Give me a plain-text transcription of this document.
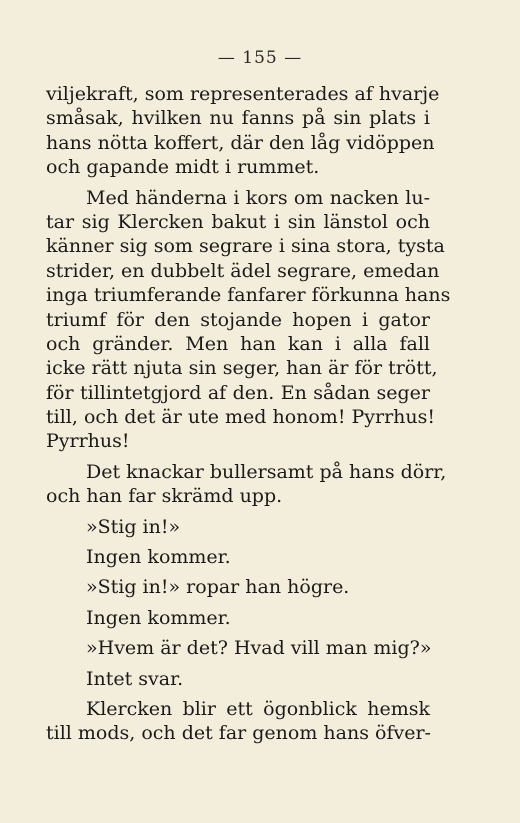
— 155 —
viljekraft, som representerades af hvarje
småsak, hvilken nu fanns på sin plats i
hans nötta koffert, där den låg vidöppen
och gapande midt i rummet.
Med händerna i kors om nacken lu-
tar sig Klercken bakut i sin länstol och
känner sig som segrare i sina stora, tysta
strider, en dubbelt ädel segrare, emedan
inga triumferande fanfarer förkunna hans
triumf för den stojande hopen i gator
och gränder. Men han kan i alla fall
icke rätt njuta sin seger, han är för trött,
för tillintetgjord af den. En sådan seger
till, och det är ute med honom! Pyrrhus!
Pyrrhus!
Det knackar bullersamt på hans dörr,
och han far skrämd upp.
»Stig in!»
Ingen kommer.
»Stig in!» ropar han högre.
Ingen kommer.
»Hvem är det? Hvad vill man mig?»
Intet svar.
Klercken blir ett ögonblick hemsk
till mods, och det far genom hans öfver-
